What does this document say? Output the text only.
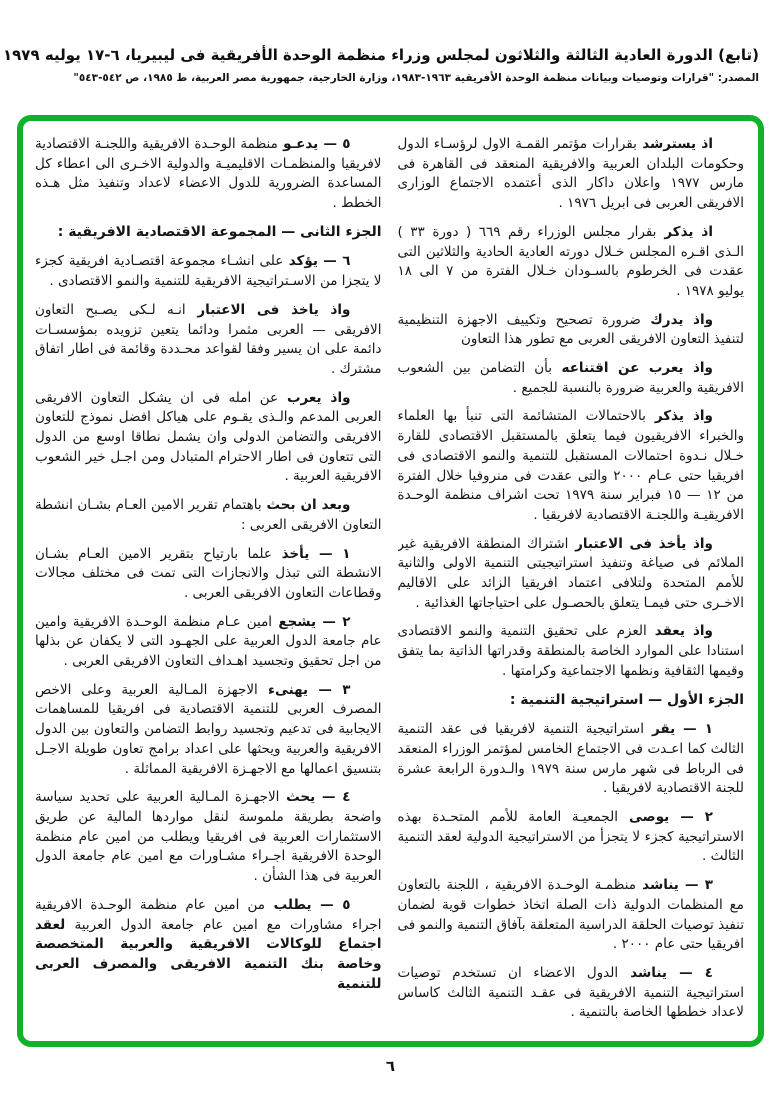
(تابع) الدورة العادية الثالثة والثلاثون لمجلس وزراء منظمة الوحدة الأفريقية فى ليبيريا، ٦-١٧ يوليه ١٩٧٩
المصدر: "قرارات وتوصيات وبيانات منظمة الوحدة الأفريقية ١٩٦٣-١٩٨٣، وزارة الخارجية، جمهورية مصر العربية، ط ١٩٨٥، ص ٥٤٢-٥٤٣"

اذ يسترشد بقرارات مؤتمر القمـة الاول لرؤسـاء الدول وحكومات البلدان العربية والافريقية المنعقد فى القاهرة فى مارس ١٩٧٧ واعلان داكار الذى أعتمده الاجتماع الوزارى الافريقى العربى فى ابريل ١٩٧٦ .

اذ يذكر بقرار مجلس الوزراء رقم ٦٦٩ ( دورة ٣٣ ) الـذى اقـره المجلس خـلال دورته العادية الحادية والثلاثين التى عقدت فى الخرطوم بالسـودان خـلال الفترة من ٧ الى ١٨ يوليو ١٩٧٨ .

واذ يدرك ضرورة تصحيح وتكييف الاجهزة التنظيمية لتنفيذ التعاون الافريقى العربى مع تطور هذا التعاون

واذ يعرب عن اقتناعه بأن التضامن بين الشعوب الافريقية والعربية ضرورة بالنسبة للجميع .

واذ يذكر بالاحتمالات المتشائمة التى تنبأ بها العلماء والخبراء الافريقيون فيما يتعلق بالمستقبل الاقتصادى للقارة خـلال نـدوة احتمالات المستقبل للتنمية والنمو الاقتصادى فى افريقيا حتى عـام ٢٠٠٠ والتى عقدت فى منروفيا خلال الفترة من ١٢ — ١٥ فبراير سنة ١٩٧٩ تحت اشراف منظمة الوحـدة الافريقيـة واللجنـة الاقتصادية لافريقيا .

واذ يأخذ فى الاعتبار اشتراك المنطقة الافريقية غير الملائم فى صياغة وتنفيذ استراتيجيتى التنمية الاولى والثانية للأمم المتحدة ولتلافى اعتماد افريقيا الزائد على الاقاليم الاخـرى حتى فيمـا يتعلق بالحصـول على احتياجاتها الغذائية .

واذ يعقد العزم على تحقيق التنمية والنمو الاقتصادى استنادا على الموارد الخاصة بالمنطقة وقدراتها الذاتية بما يتفق وقيمها الثقافية ونظمها الاجتماعية وكرامتها .

الجزء الأول — استراتيجية التنمية :

١ — يقر استراتيجية التنمية لافريقيا فى عقد التنمية الثالث كما اعـدت فى الاجتماع الخامس لمؤتمر الوزراء المنعقد فى الرباط فى شهر مارس سنة ١٩٧٩ والـدورة الرابعة عشرة للجنة الاقتصادية لافريقيا .

٢ — يوصى الجمعيـة العامة للأمم المتحـدة بهذه الاستراتيجية كجزء لا يتجزأ من الاستراتيجية الدولية لعقد التنمية الثالث .

٣ — يناشد منظمـة الوحـدة الافريقية ، اللجنة بالتعاون مع المنظمات الدولية ذات الصلة اتخاذ خطوات قوية لضمان تنفيذ توصيات الحلقة الدراسية المتعلقة بآفاق التنمية والنمو فى افريقيا حتى عام ٢٠٠٠ .

٤ — يناشد الدول الاعضاء ان تستخدم توصيات استراتيجية التنمية الافريقية فى عقـد التنمية الثالث كاساس لاعداد خططها الخاصة بالتنمية .

٥ — يدعـو منظمة الوحـدة الافريقية واللجنـة الاقتصادية لافريقيا والمنظمـات الاقليميـة والدولية الاخـرى الى اعطاء كل المساعدة الضرورية للدول الاعضاء لاعداد وتنفيذ مثل هـذه الخطط .

الجزء الثانى — المجموعة الاقتصادية الافريقية :

٦ — يؤكد على انشـاء مجموعة اقتصـادية افريقية كجزء لا يتجزا من الاسـتراتيجية الافريقية للتنمية والنمو الاقتصادى .

واذ ياخذ فى الاعتبار انـه لـكى يصـبح التعاون الافريقى — العربى مثمرا ودائما يتعين تزويده بمؤسسـات دائمة على ان يسير وفقا لقواعد محـددة وقائمة فى اطار اتفاق مشترك .

واذ يعرب عن امله فى ان يشكل التعاون الافريقى العربى المدعم والـذى يقـوم على هياكل افضل نموذج للتعاون الافريقى والتضامن الدولى وان يشمل نطاقا اوسع من الدول التى تتعاون فى اطار الاحترام المتبادل ومن اجـل خير الشعوب الافريقية العربية .

وبعد ان بحث باهتمام تقرير الامين العـام بشـان انشطة التعاون الافريقى العربى :

١ — يأخذ علما بارتياح بتقرير الامين العـام بشـان الانشطة التى تبذل والانجازات التى تمت فى مختلف مجالات وقطاعات التعاون الافريقى العربى .

٢ — يشجع امين عـام منظمة الوحـدة الافريقية وامين عام جامعة الدول العربية على الجهـود التى لا يكفان عن بذلها من اجل تحقيق وتجسيد اهـداف التعاون الافريقى العربى .

٣ — يهنىء الاجهزة المـالية العربية وعلى الاخص المصرف العربى للتنمية الاقتصادية فى افريقيا للمساهمات الايجابية فى تدعيم وتجسيد روابط التضامن والتعاون بين الدول الافريقية والعربية ويحثها على اعداد برامج تعاون طويلة الاجـل بتنسيق اعمالها مع الاجهـزة الافريقية المماثلة .

٤ — يحث الاجهـزة المـالية العربية على تحديد سياسة واضحة بطريقة ملموسة لنقل مواردها المالية عن طريق الاستثمارات العربية فى افريقيا ويطلب من امين عام منظمة الوحدة الافريقية اجـراء مشـاورات مع امين عام جامعة الدول العربية فى هذا الشأن .

٥ — يطلب من امين عام منظمة الوحـدة الافريقية اجراء مشاورات مع امين عام جامعة الدول العربية لعقد اجتماع للوكالات الافريقية والعربية المتخصصة وخاصة بنك التنمية الافريقى والمصرف العربى للتنمية

٦
